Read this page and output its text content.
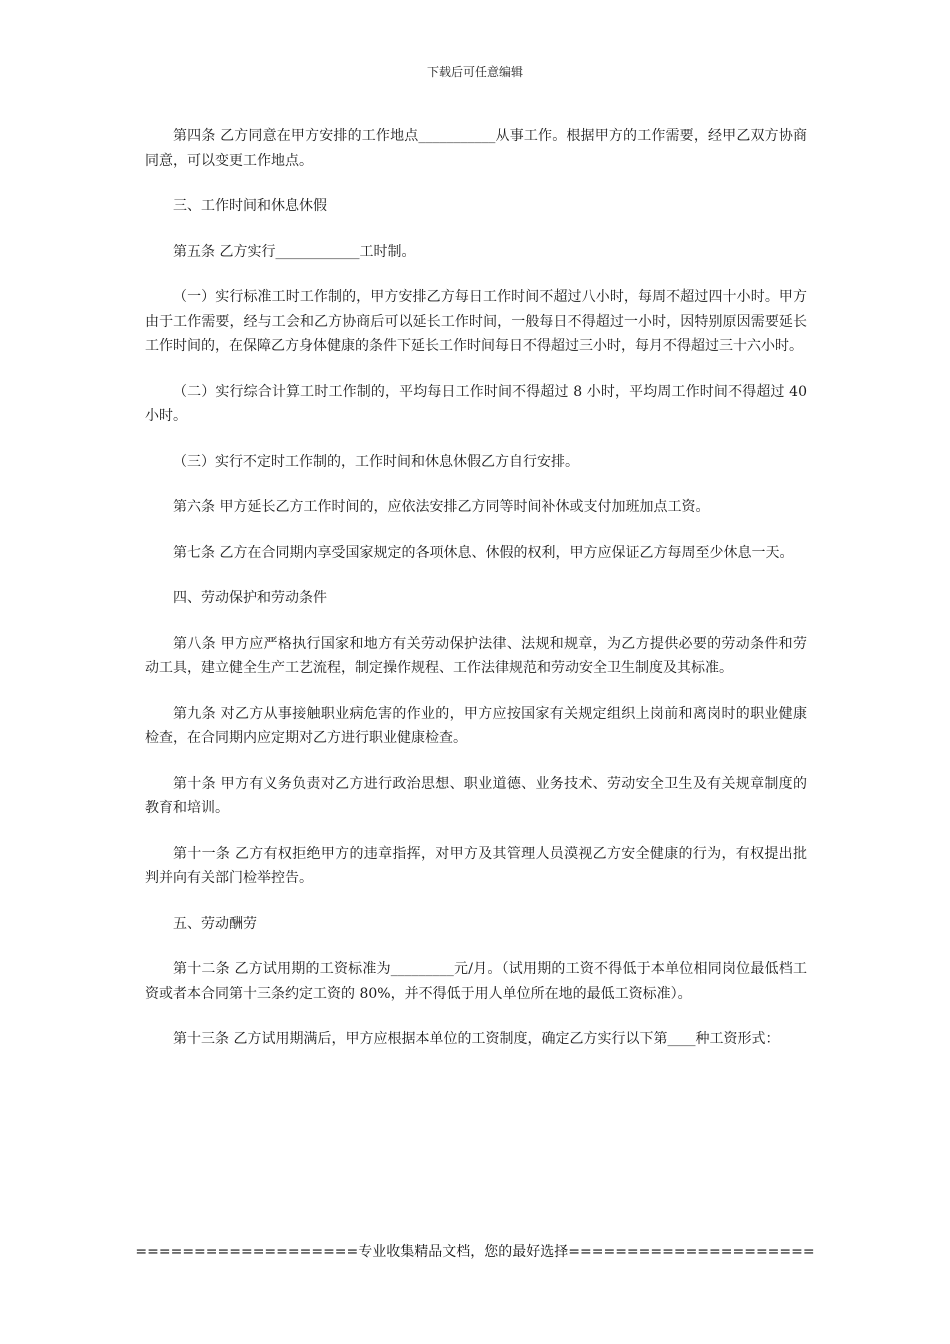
下载后可任意编辑

第四条 乙方同意在甲方安排的工作地点___________从事工作。根据甲方的工作需要，经甲乙双方协商同意，可以变更工作地点。

三、工作时间和休息休假

第五条 乙方实行____________工时制。

（一）实行标准工时工作制的，甲方安排乙方每日工作时间不超过八小时，每周不超过四十小时。甲方由于工作需要，经与工会和乙方协商后可以延长工作时间，一般每日不得超过一小时，因特别原因需要延长工作时间的，在保障乙方身体健康的条件下延长工作时间每日不得超过三小时，每月不得超过三十六小时。

（二）实行综合计算工时工作制的，平均每日工作时间不得超过 8 小时，平均周工作时间不得超过 40 小时。

（三）实行不定时工作制的，工作时间和休息休假乙方自行安排。

第六条 甲方延长乙方工作时间的，应依法安排乙方同等时间补休或支付加班加点工资。

第七条 乙方在合同期内享受国家规定的各项休息、休假的权利，甲方应保证乙方每周至少休息一天。

四、劳动保护和劳动条件

第八条 甲方应严格执行国家和地方有关劳动保护法律、法规和规章，为乙方提供必要的劳动条件和劳动工具，建立健全生产工艺流程，制定操作规程、工作法律规范和劳动安全卫生制度及其标准。

第九条 对乙方从事接触职业病危害的作业的，甲方应按国家有关规定组织上岗前和离岗时的职业健康检查，在合同期内应定期对乙方进行职业健康检查。

第十条 甲方有义务负责对乙方进行政治思想、职业道德、业务技术、劳动安全卫生及有关规章制度的教育和培训。

第十一条 乙方有权拒绝甲方的违章指挥，对甲方及其管理人员漠视乙方安全健康的行为，有权提出批判并向有关部门检举控告。

五、劳动酬劳

第十二条 乙方试用期的工资标准为_________元/月。（试用期的工资不得低于本单位相同岗位最低档工资或者本合同第十三条约定工资的 80%，并不得低于用人单位所在地的最低工资标准）。

第十三条 乙方试用期满后，甲方应根据本单位的工资制度，确定乙方实行以下第____种工资形式：

===================专业收集精品文档，您的最好选择=====================
